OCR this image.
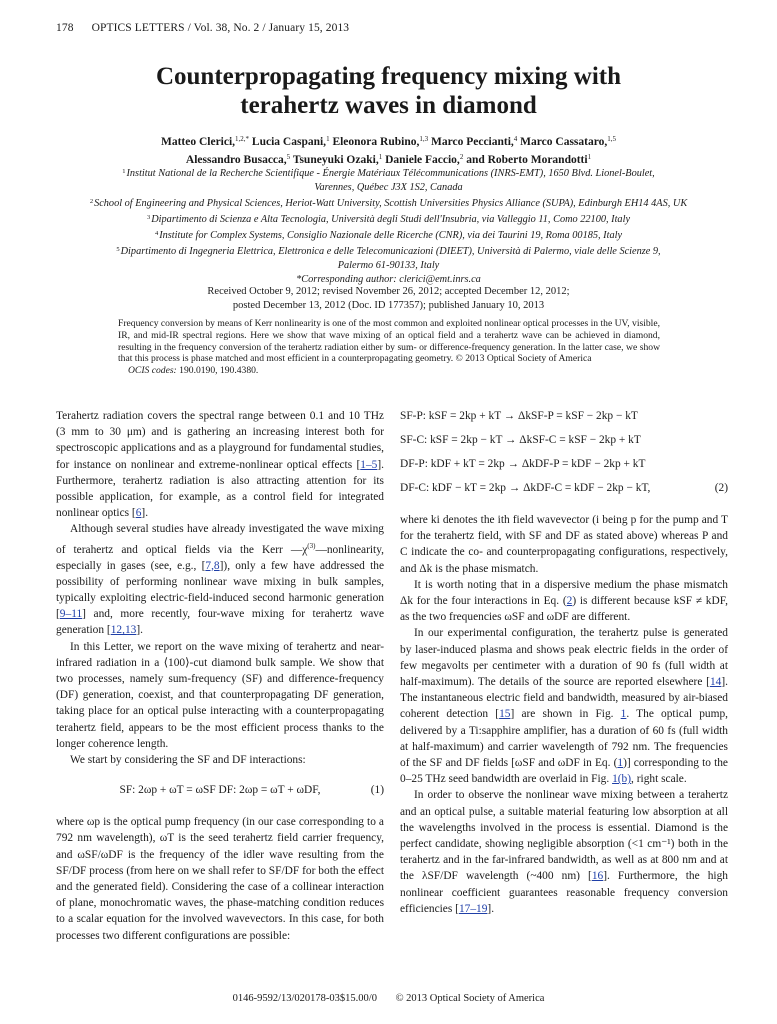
178 OPTICS LETTERS / Vol. 38, No. 2 / January 15, 2013
Counterpropagating frequency mixing with
terahertz waves in diamond
Matteo Clerici,$^{1,2,*}$ Lucia Caspani,$^1$ Eleonora Rubino,$^{1,3}$ Marco Peccianti,$^4$ Marco Cassataro,$^{1,5}$
Alessandro Busacca,$^5$ Tsuneyuki Ozaki,$^1$ Daniele Faccio,$^2$ and Roberto Morandotti$^1$

$^1$Institut National de la Recherche Scientifique - Énergie Matériaux Télécommunications (INRS-EMT), 1650 Blvd. Lionel-Boulet,

Varennes, Québec J3X 1S2, Canada

$^2$School of Engineering and Physical Sciences, Heriot-Watt University, Scottish Universities Physics Alliance (SUPA), Edinburgh EH14 4AS, UK

$^3$Dipartimento di Scienza e Alta Tecnologia, Università degli Studi dell'Insubria, via Valleggio 11, Como 22100, Italy

$^4$Institute for Complex Systems, Consiglio Nazionale delle Ricerche (CNR), via dei Taurini 19, Roma 00185, Italy

$^5$Dipartimento di Ingegneria Elettrica, Elettronica e delle Telecomunicazioni (DIEET), Università di Palermo, viale delle Scienze 9,

Palermo 61-90133, Italy

*Corresponding author: clerici@emt.inrs.ca

Received October 9, 2012; revised November 26, 2012; accepted December 12, 2012;
posted December 13, 2012 (Doc. ID 177357); published January 10, 2013

Frequency conversion by means of Kerr nonlinearity is one of the most common and exploited nonlinear optical processes in the UV, visible, IR, and mid-IR spectral regions. Here we show that wave mixing of an optical field and a terahertz wave can be achieved in diamond, resulting in the frequency conversion of the terahertz radiation either by sum- or difference-frequency generation. In the latter case, we show that this process is phase matched and most efficient in a counterpropagating geometry. © 2013 Optical Society of America

OCIS codes: 190.0190, 190.4380.

Terahertz radiation covers the spectral range between 0.1 and 10 THz (3 mm to 30 μm) and is gathering an increasing interest both for spectroscopic applications and as a playground for fundamental studies, for instance on nonlinear and extreme-nonlinear optical effects [1–5]. Furthermore, terahertz radiation is also attracting attention for its possible application, for example, as a control field for integrated nonlinear optics [6].

Although several studies have already investigated the wave mixing of terahertz and optical fields via the Kerr $—\chi^{(3)}—nonlinearity$, especially in gases (see, e.g., [7,8]), only a few have addressed the possibility of performing nonlinear wave mixing in bulk samples, typically exploiting electric-field-induced second harmonic generation [9–11] and, more recently, four-wave mixing for terahertz wave generation [12,13].

In this Letter, we report on the wave mixing of terahertz and near-infrared radiation in a ⟨100⟩-cut diamond bulk sample. We show that two processes, namely sum-frequency (SF) and difference-frequency (DF) generation, coexist, and that counterpropagating DF generation, taking place for an optical pulse interacting with a counterpropagating terahertz field, appears to be the most efficient process thanks to the longer coherence length.

We start by considering the SF and DF interactions:

SF: 2ωp + ωT = ωSF DF: 2ωp = ωT + ωDF,	(1)

where ωp is the optical pump frequency (in our case corresponding to a 792 nm wavelength), ωT is the seed terahertz field carrier frequency, and ωSF/ωDF is the frequency of the idler wave resulting from the SF/DF process (from here on we shall refer to SF/DF for both the effect and the generated field). Considering the case of a collinear interaction of plane, monochromatic waves, the phase-matching condition reduces to a scalar equation for the involved wavevectors. In this case, for both processes two different configurations are possible:

SF-P: kSF = 2kp + kT → ΔkSF-P = kSF − 2kp − kT
SF-C: kSF = 2kp − kT → ΔkSF-C = kSF − 2kp + kT
DF-P: kDF + kT = 2kp → ΔkDF-P = kDF − 2kp + kT
DF-C: kDF − kT = 2kp → ΔkDF-C = kDF − 2kp − kT,	(2)

where ki denotes the ith field wavevector (i being p for the pump and T for the terahertz field, with SF and DF as stated above) whereas P and C indicate the co- and counterpropagating configurations, respectively, and Δk is the phase mismatch.

It is worth noting that in a dispersive medium the phase mismatch Δk for the four interactions in Eq. (2) is different because kSF ≠ kDF, as the two frequencies ωSF and ωDF are different.

In our experimental configuration, the terahertz pulse is generated by laser-induced plasma and shows peak electric fields in the order of few megavolts per centimeter with a duration of 90 fs (full width at half-maximum). The details of the source are reported elsewhere [14]. The instantaneous electric field and bandwidth, measured by air-biased coherent detection [15] are shown in Fig. 1. The optical pump, delivered by a Ti:sapphire amplifier, has a duration of 60 fs (full width at half-maximum) and carrier wavelength of 792 nm. The frequencies of the SF and DF fields [ωSF and ωDF in Eq. (1)] corresponding to the 0–25 THz seed bandwidth are overlaid in Fig. 1(b), right scale.

In order to observe the nonlinear wave mixing between a terahertz and an optical pulse, a suitable material featuring low absorption at all the wavelengths involved in the process is essential. Diamond is the perfect candidate, showing negligible absorption (<1 cm⁻¹) both in the terahertz and in the far-infrared bandwidth, as well as at 800 nm and at the λSF/DF wavelength (~400 nm) [16]. Furthermore, the high nonlinear coefficient guarantees reasonable frequency conversion efficiencies [17–19].

0146-9592/13/020178-03$15.00/0 © 2013 Optical Society of America
